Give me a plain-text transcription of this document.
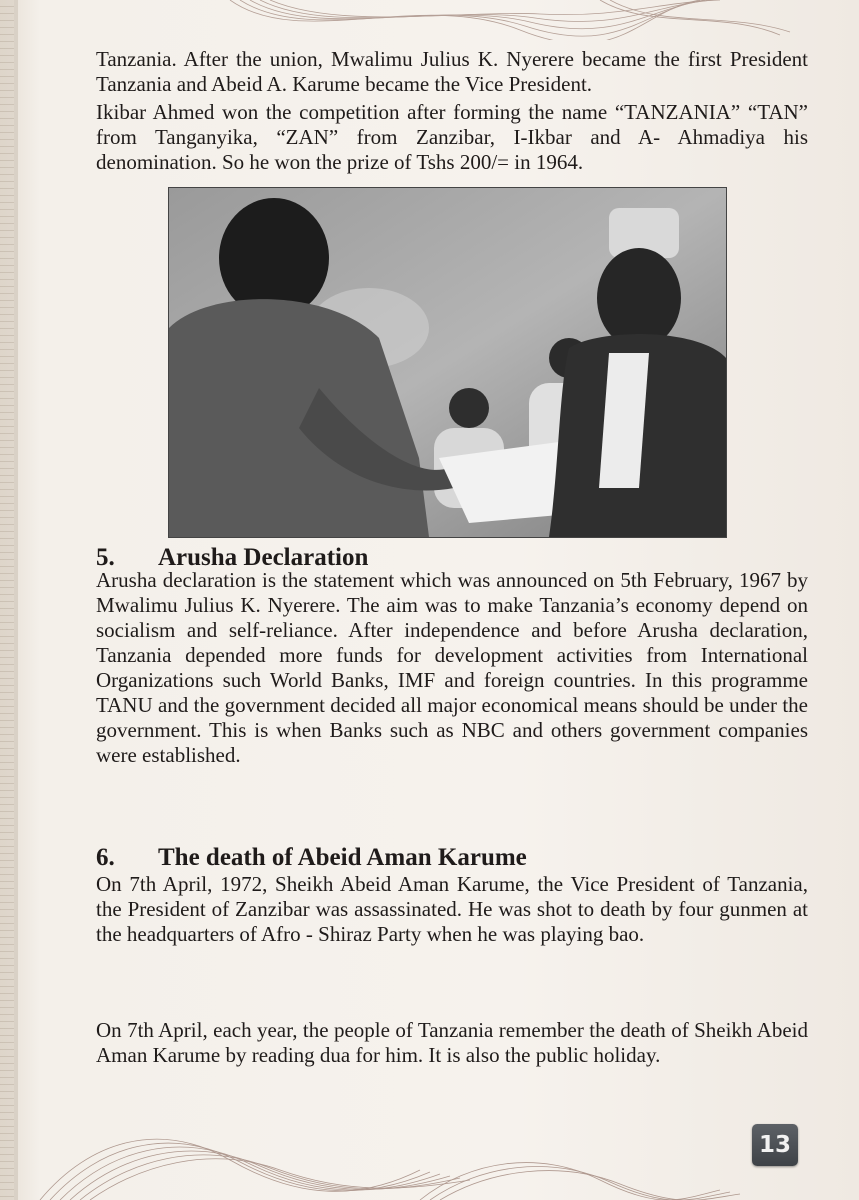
Tanzania. After the union, Mwalimu Julius K. Nyerere became the first President Tanzania and Abeid A. Karume became the Vice President.

Ikibar Ahmed won the competition after forming the name “TANZANIA” “TAN” from Tanganyika, “ZAN” from Zanzibar, I-Ikbar and A- Ahmadiya his denomination. So he won the prize of Tshs 200/= in 1964.

5. Arusha Declaration

Arusha declaration is the statement which was announced on 5th February, 1967 by Mwalimu Julius K. Nyerere. The aim was to make Tanzania’s economy depend on socialism and self-reliance. After independence and before Arusha declaration, Tanzania depended more funds for development activities from International Organizations such World Banks, IMF and foreign countries. In this programme TANU and the government decided all major economical means should be under the government. This is when Banks such as NBC and others government companies were established.

6. The death of Abeid Aman Karume

On 7th April, 1972, Sheikh Abeid Aman Karume, the Vice President of Tanzania, the President of Zanzibar was assassinated. He was shot to death by four gunmen at the headquarters of Afro - Shiraz Party when he was playing bao.

On 7th April, each year, the people of Tanzania remember the death of Sheikh Abeid Aman Karume by reading dua for him. It is also the public holiday.

13
